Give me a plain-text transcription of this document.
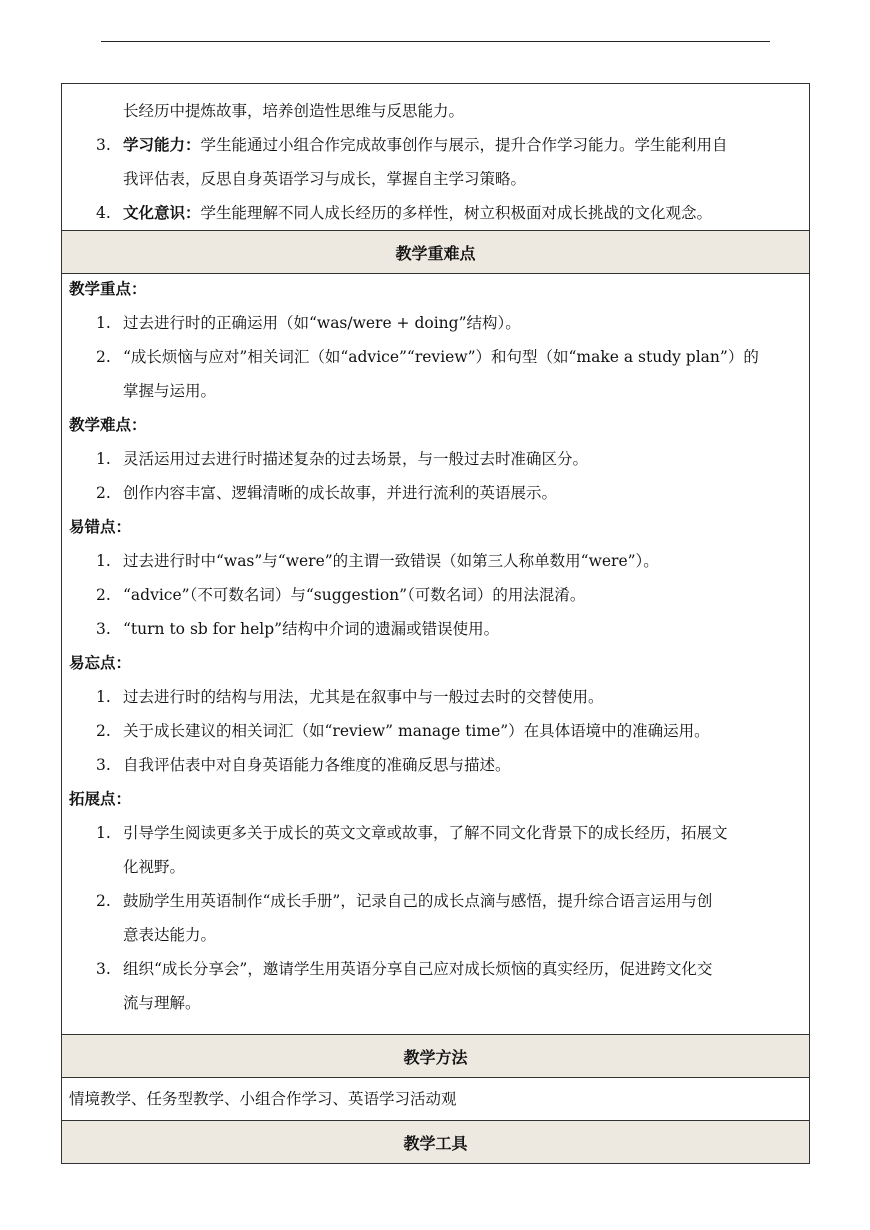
长经历中提炼故事，培养创造性思维与反思能力。
3. 学习能力：学生能通过小组合作完成故事创作与展示，提升合作学习能力。学生能利用自
我评估表，反思自身英语学习与成长，掌握自主学习策略。
4. 文化意识：学生能理解不同人成长经历的多样性，树立积极面对成长挑战的文化观念。
教学重难点
教学重点：
1. 过去进行时的正确运用（如“was/were + doing”结构）。
2. “成长烦恼与应对”相关词汇（如“advice”“review”）和句型（如“make a study plan”）的
掌握与运用。
教学难点：
1. 灵活运用过去进行时描述复杂的过去场景，与一般过去时准确区分。
2. 创作内容丰富、逻辑清晰的成长故事，并进行流利的英语展示。
易错点：
1. 过去进行时中“was”与“were”的主谓一致错误（如第三人称单数用“were”）。
2. “advice”（不可数名词）与“suggestion”（可数名词）的用法混淆。
3. “turn to sb for help”结构中介词的遗漏或错误使用。
易忘点：
1. 过去进行时的结构与用法，尤其是在叙事中与一般过去时的交替使用。
2. 关于成长建议的相关词汇（如“review” manage time”）在具体语境中的准确运用。
3. 自我评估表中对自身英语能力各维度的准确反思与描述。
拓展点：
1. 引导学生阅读更多关于成长的英文文章或故事，了解不同文化背景下的成长经历，拓展文
化视野。
2. 鼓励学生用英语制作“成长手册”，记录自己的成长点滴与感悟，提升综合语言运用与创
意表达能力。
3. 组织“成长分享会”，邀请学生用英语分享自己应对成长烦恼的真实经历，促进跨文化交
流与理解。
教学方法
情境教学、任务型教学、小组合作学习、英语学习活动观
教学工具
